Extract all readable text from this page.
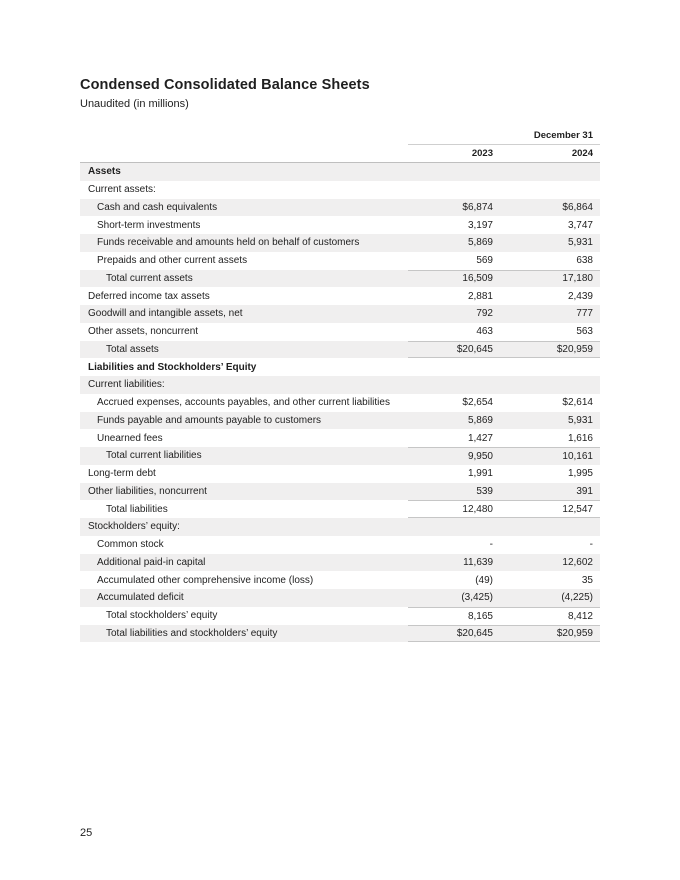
Condensed Consolidated Balance Sheets
Unaudited (in millions)
December 31
2023	2024
Assets
Current assets:
Cash and cash equivalents	$6,874	$6,864
Short-term investments	3,197	3,747
Funds receivable and amounts held on behalf of customers	5,869	5,931
Prepaids and other current assets	569	638
Total current assets	16,509	17,180
Deferred income tax assets	2,881	2,439
Goodwill and intangible assets, net	792	777
Other assets, noncurrent	463	563
Total assets	$20,645	$20,959
Liabilities and Stockholders’ Equity
Current liabilities:
Accrued expenses, accounts payables, and other current liabilities	$2,654	$2,614
Funds payable and amounts payable to customers	5,869	5,931
Unearned fees	1,427	1,616
Total current liabilities	9,950	10,161
Long-term debt	1,991	1,995
Other liabilities, noncurrent	539	391
Total liabilities	12,480	12,547
Stockholders’ equity:
Common stock	-	-
Additional paid-in capital	11,639	12,602
Accumulated other comprehensive income (loss)	(49)	35
Accumulated deficit	(3,425)	(4,225)
Total stockholders’ equity	8,165	8,412
Total liabilities and stockholders’ equity	$20,645	$20,959
25
